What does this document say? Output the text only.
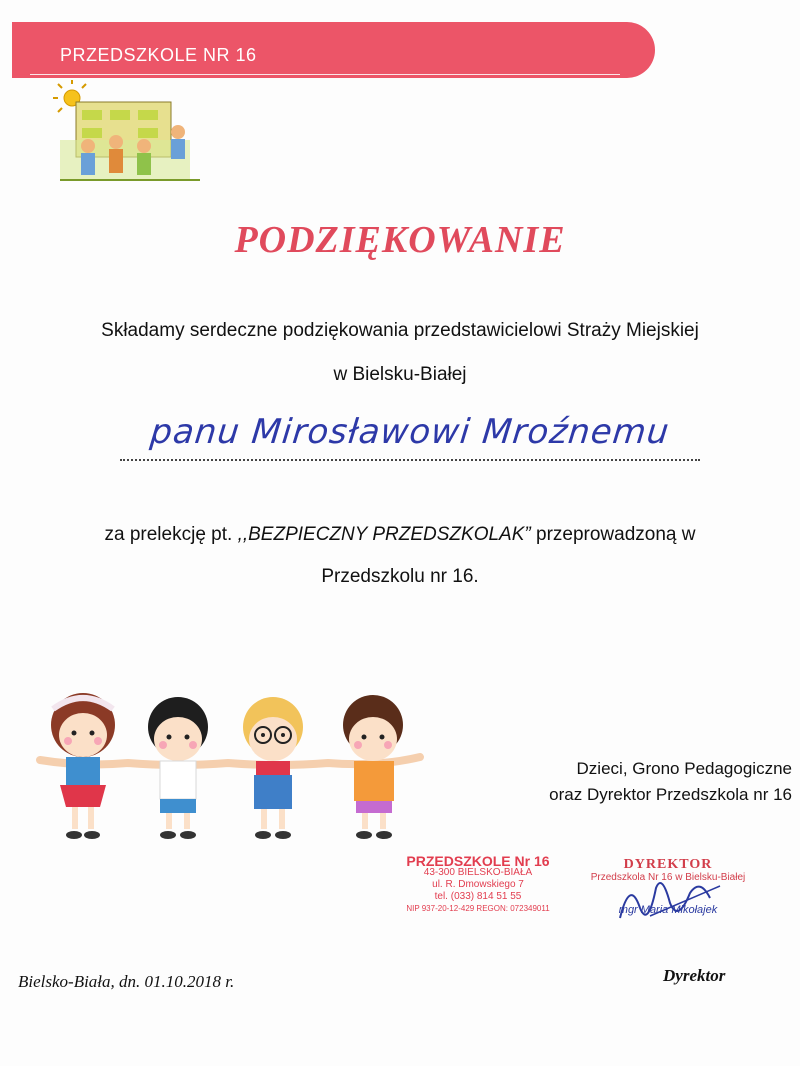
PRZEDSZKOLE NR 16
PODZIĘKOWANIE
Składamy serdeczne podziękowania przedstawicielowi Straży Miejskiej
w Bielsku-Białej
panu Mirosławowi Mroźnemu
za prelekcję pt. ,,BEZPIECZNY PRZEDSZKOLAK” przeprowadzoną w
Przedszkolu nr 16.
Dzieci, Grono Pedagogiczne
oraz Dyrektor Przedszkola nr 16
PRZEDSZKOLE Nr 16
43-300 BIELSKO-BIAŁA
ul. R. Dmowskiego 7
tel. (033) 814 51 55
NIP 937-20-12-429 REGON: 072349011
DYREKTOR
Przedszkola Nr 16 w Bielsku-Białej
mgr Maria Mikołajek
Bielsko-Biała, dn. 01.10.2018 r.	Dyrektor
